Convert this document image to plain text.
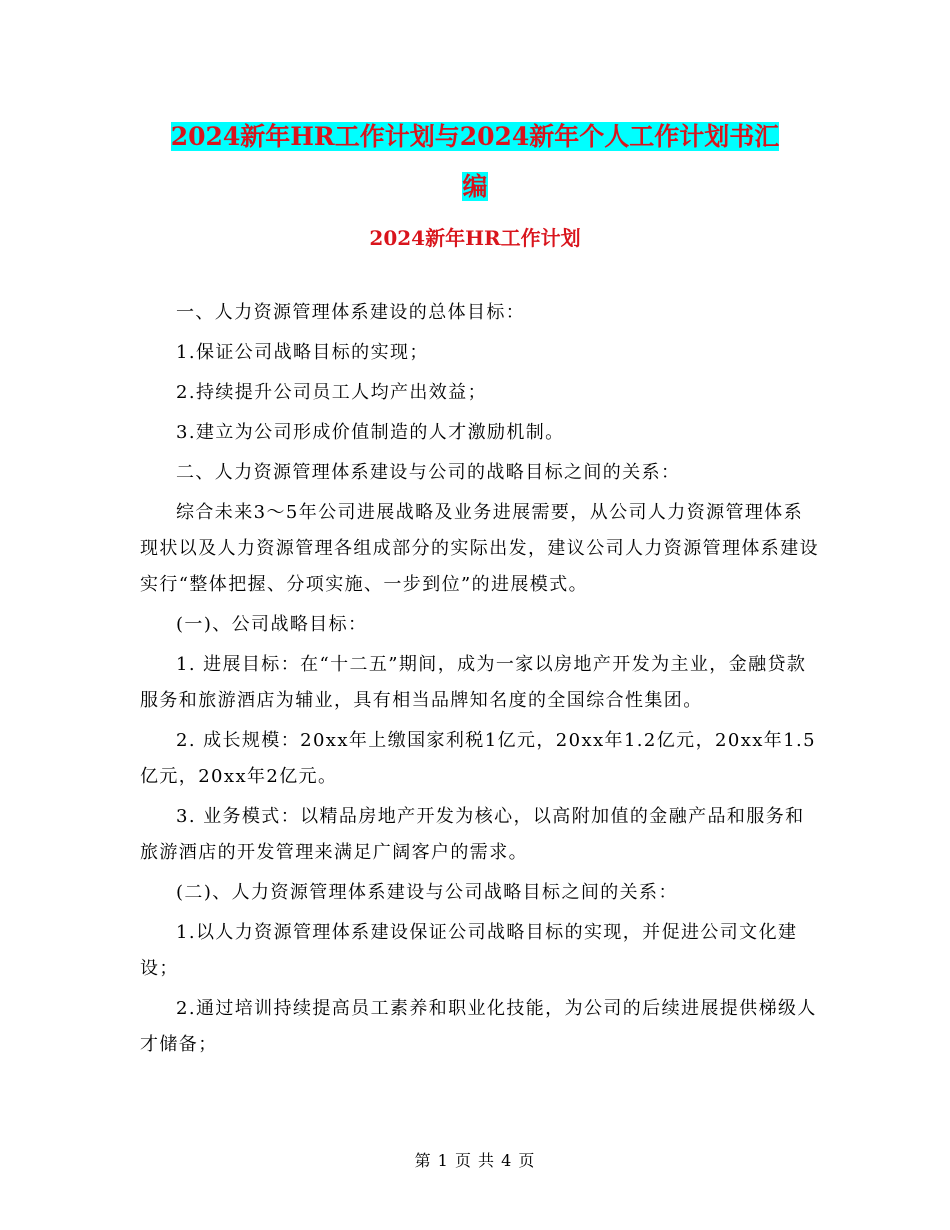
2024新年HR工作计划与2024新年个人工作计划书汇
编
2024新年HR工作计划

一、人力资源管理体系建设的总体目标：

1.保证公司战略目标的实现；

2.持续提升公司员工人均产出效益；

3.建立为公司形成价值制造的人才激励机制。

二、人力资源管理体系建设与公司的战略目标之间的关系：

综合未来3～5年公司进展战略及业务进展需要，从公司人力资源管理体系现状以及人力资源管理各组成部分的实际出发，建议公司人力资源管理体系建设实行“整体把握、分项实施、一步到位”的进展模式。

(一)、公司战略目标：

1. 进展目标：在“十二五”期间，成为一家以房地产开发为主业，金融贷款服务和旅游酒店为辅业，具有相当品牌知名度的全国综合性集团。

2. 成长规模：20xx年上缴国家利税1亿元，20xx年1.2亿元，20xx年1.5亿元，20xx年2亿元。

3. 业务模式：以精品房地产开发为核心，以高附加值的金融产品和服务和旅游酒店的开发管理来满足广阔客户的需求。

(二)、人力资源管理体系建设与公司战略目标之间的关系：

1.以人力资源管理体系建设保证公司战略目标的实现，并促进公司文化建设；

2.通过培训持续提高员工素养和职业化技能，为公司的后续进展提供梯级人才储备；

第 1 页 共 4 页
